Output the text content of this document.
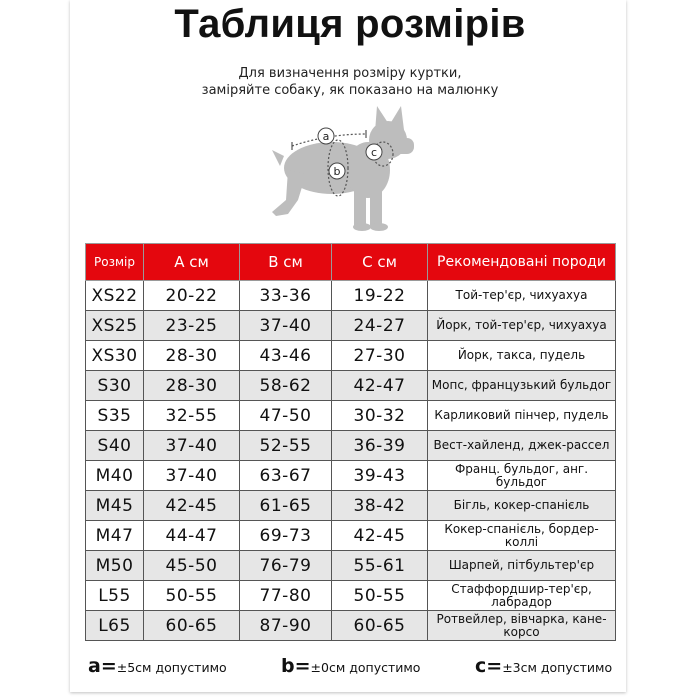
Таблиця розмірів
Для визначення розміру куртки,
заміряйте собаку, як показано на малюнку
a
b
c
Розмір	А см	В см	С см	Рекомендовані породи
XS22	20-22	33-36	19-22	Той-тер'єр, чихуахуа
XS25	23-25	37-40	24-27	Йорк, той-тер'єр, чихуахуа
XS30	28-30	43-46	27-30	Йорк, такса, пудель
S30	28-30	58-62	42-47	Мопс, французький бульдог
S35	32-55	47-50	30-32	Карликовий пінчер, пудель
S40	37-40	52-55	36-39	Вест-хайленд, джек-рассел
M40	37-40	63-67	39-43	Франц. бульдог, анг. бульдог
M45	42-45	61-65	38-42	Бігль, кокер-спанієль
M47	44-47	69-73	42-45	Кокер-спанієль, бордер-коллі
M50	45-50	76-79	55-61	Шарпей, пітбультер'єр
L55	50-55	77-80	50-55	Стаффордшир-тер'єр, лабрадор
L65	60-65	87-90	60-65	Ротвейлер, вівчарка, кане-корсо
a=±5см допустимо	b=±0см допустимо	c=±3см допустимо
